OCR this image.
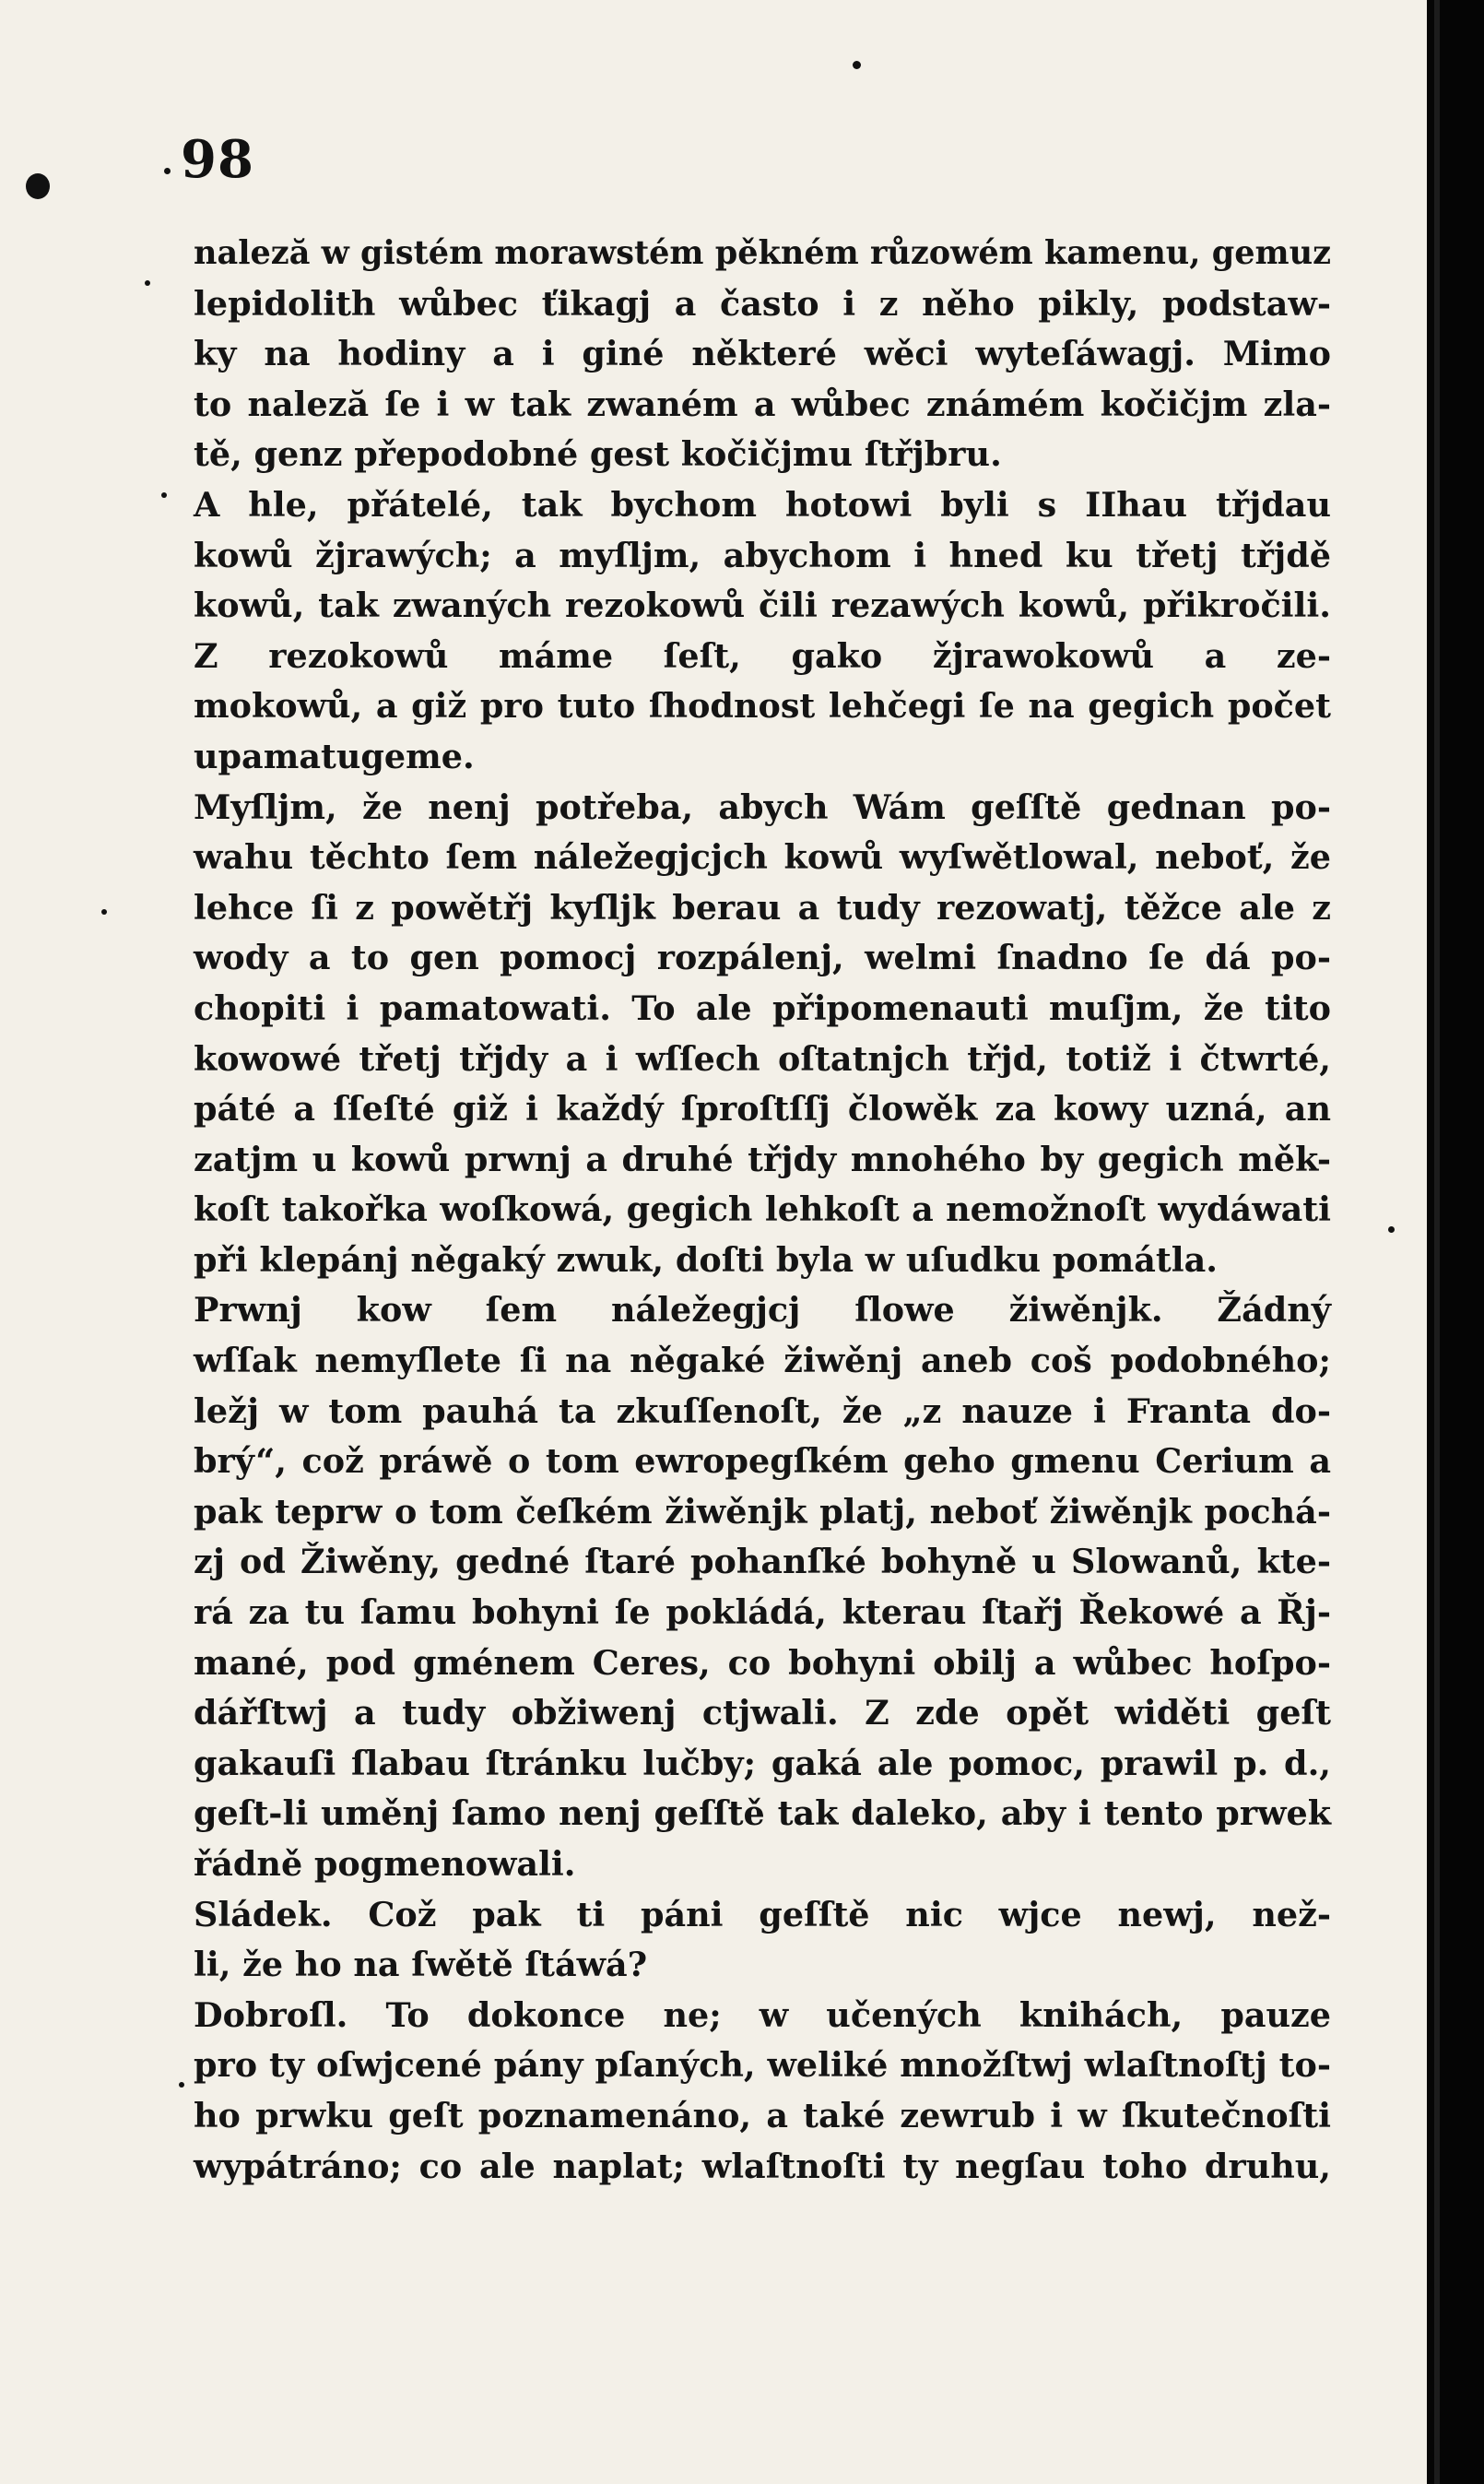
98
naleză w gistém morawstém pěkném růzowém kamenu, gemuz
lepidolith wůbec ťikagj a často i z něho pikly, podstaw-
ky na hodiny a i giné některé wěci wyteſáwagj. Mimo
to naleză ſe i w tak zwaném a wůbec známém kočičjm zla-
tě, genz přepodobné gest kočičjmu ſtřjbru.
A hle, přátelé, tak bychom hotowi byli s IIhau třjdau
kowů žjrawých; a myſljm, abychom i hned ku třetj třjdě
kowů, tak zwaných rezokowů čili rezawých kowů, přikročili.
Z rezokowů máme ſeſt, gako žjrawokowů a ze-
mokowů, a giž pro tuto ſhodnost lehčegi ſe na gegich počet
upamatugeme.
Myſljm, že nenj potřeba, abych Wám geſſtě gednan po-
wahu těchto ſem náležegjcjch kowů wyſwětlowal, neboť, že
lehce ſi z powětřj kyſljk berau a tudy rezowatj, těžce ale z
wody a to gen pomocj rozpálenj, welmi ſnadno ſe dá po-
chopiti i pamatowati. To ale připomenauti muſjm, že tito
kowowé třetj třjdy a i wſſech oſtatnjch třjd, totiž i čtwrté,
páté a ſſeſté giž i každý ſproſtſſj člowěk za kowy uzná, an
zatjm u kowů prwnj a druhé třjdy mnohého by gegich měk-
koſt takořka woſkowá, gegich lehkoſt a nemožnoſt wydáwati
při klepánj něgaký zwuk, doſti byla w uſudku pomátla.
Prwnj kow ſem náležegjcj ſlowe žiwěnjk. Žádný
wſſak nemyſlete ſi na něgaké žiwěnj aneb coš podobného;
ležj w tom pauhá ta zkuſſenoſt, že „z nauze i Franta do-
brý“, což práwě o tom ewropegſkém geho gmenu Cerium a
pak teprw o tom čeſkém žiwěnjk platj, neboť žiwěnjk pochá-
zj od Žiwěny, gedné ſtaré pohanſké bohyně u Slowanů, kte-
rá za tu ſamu bohyni ſe pokládá, kterau ſtařj Řekowé a Řj-
mané, pod gménem Ceres, co bohyni obilj a wůbec hoſpo-
dářſtwj a tudy obžiwenj ctjwali. Z zde opět widěti geſt
gakauſi ſlabau ſtránku lučby; gaká ale pomoc, prawil p. d.,
geſt-li uměnj ſamo nenj geſſtě tak daleko, aby i tento prwek
řádně pogmenowali.
Sládek. Což pak ti páni geſſtě nic wjce newj, než-
li, že ho na ſwětě ſtáwá?
Dobroſl. To dokonce ne; w učených knihách, pauze
pro ty oſwjcené pány pſaných, weliké množſtwj wlaſtnoſtj to-
ho prwku geſt poznamenáno, a také zewrub i w ſkutečnoſti
wypátráno; co ale naplat; wlaſtnoſti ty negſau toho druhu,
